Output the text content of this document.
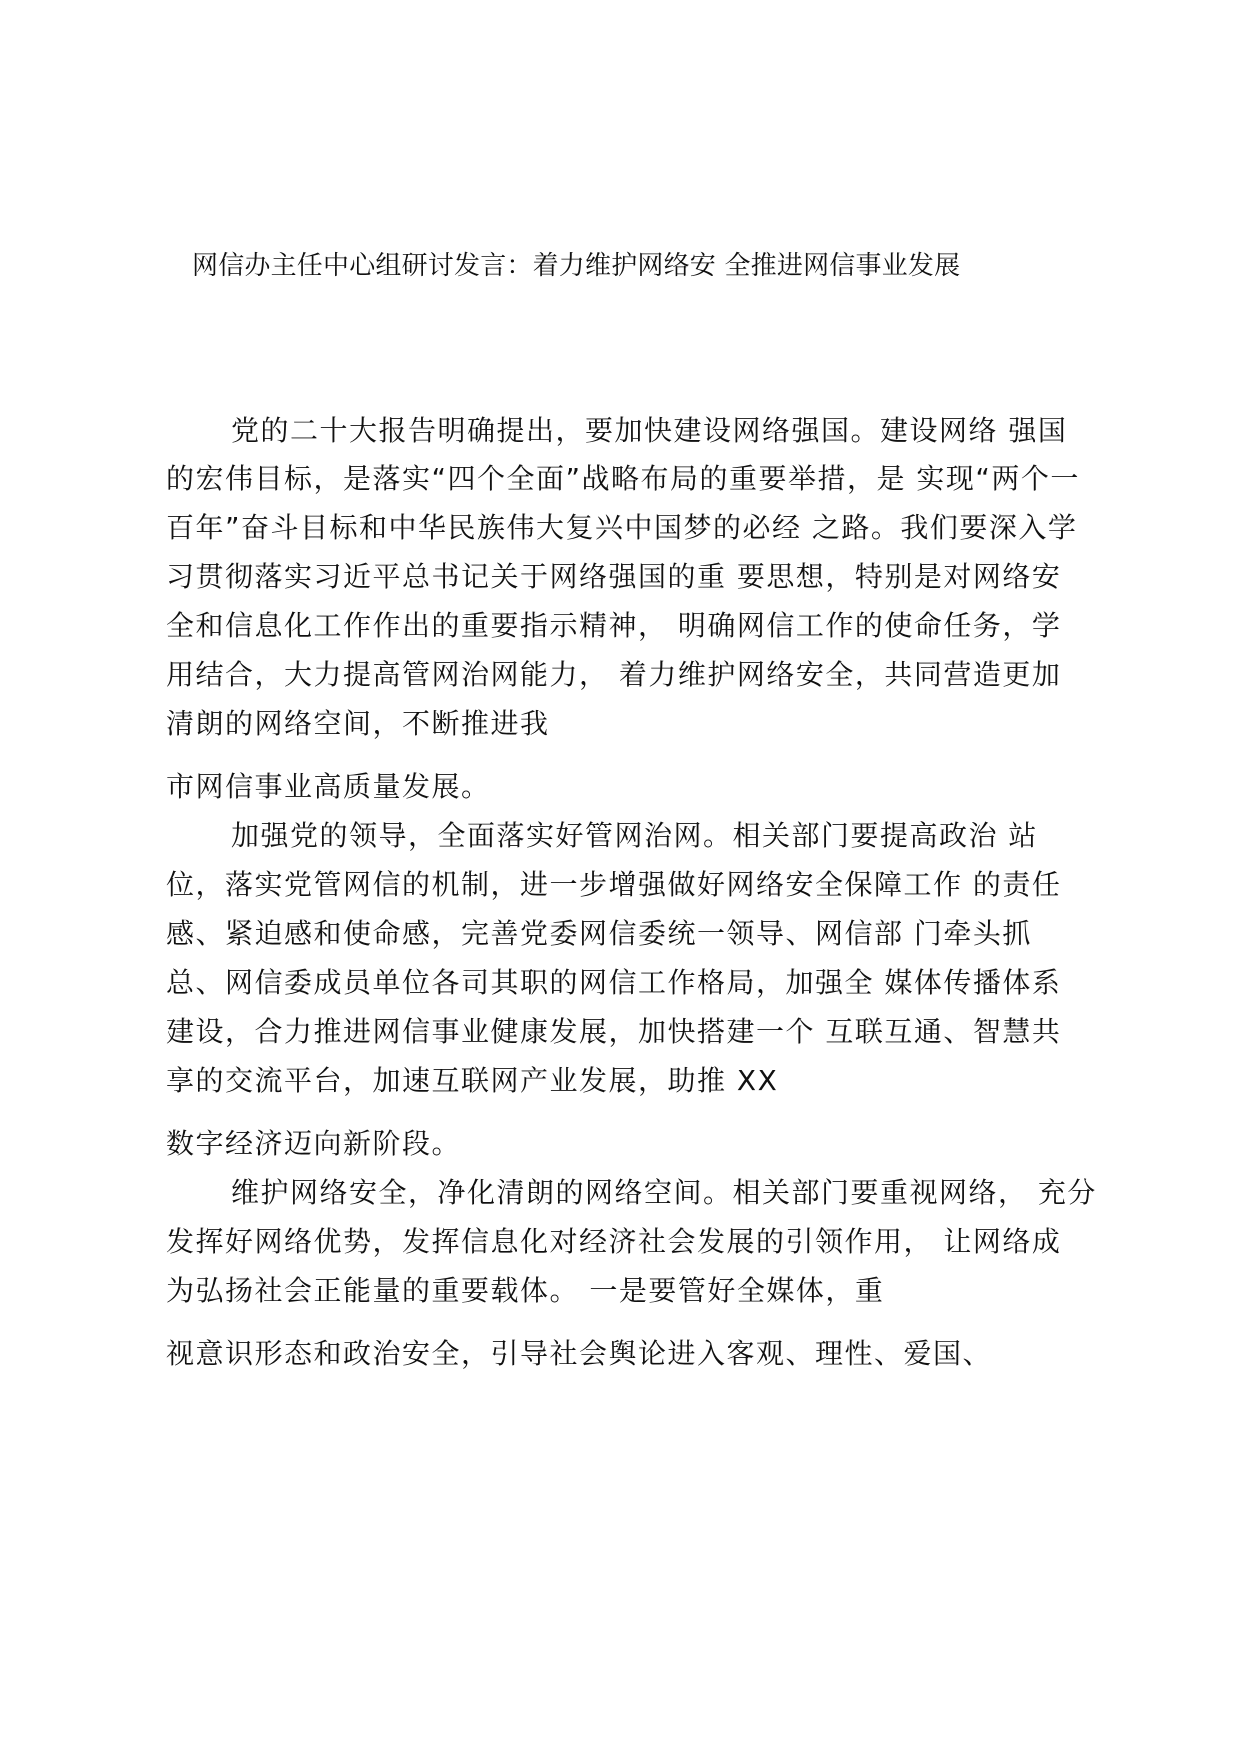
网信办主任中心组研讨发言：着力维护网络安 全推进网信事业发展
党的二十大报告明确提出，要加快建设网络强国。建设网络 强国
的宏伟目标，是落实“四个全面”战略布局的重要举措，是 实现“两个一
百年”奋斗目标和中华民族伟大复兴中国梦的必经 之路。我们要深入学
习贯彻落实习近平总书记关于网络强国的重 要思想，特别是对网络安
全和信息化工作作出的重要指示精神， 明确网信工作的使命任务，学
用结合，大力提高管网治网能力， 着力维护网络安全，共同营造更加
清朗的网络空间，不断推进我
市网信事业高质量发展。
加强党的领导，全面落实好管网治网。相关部门要提高政治 站
位，落实党管网信的机制，进一步增强做好网络安全保障工作 的责任
感、紧迫感和使命感，完善党委网信委统一领导、网信部 门牵头抓
总、网信委成员单位各司其职的网信工作格局，加强全 媒体传播体系
建设，合力推进网信事业健康发展，加快搭建一个 互联互通、智慧共
享的交流平台，加速互联网产业发展，助推 XX
数字经济迈向新阶段。
维护网络安全，净化清朗的网络空间。相关部门要重视网络， 充分
发挥好网络优势，发挥信息化对经济社会发展的引领作用， 让网络成
为弘扬社会正能量的重要载体。 一是要管好全媒体，重
视意识形态和政治安全，引导社会舆论进入客观、理性、爱国、
